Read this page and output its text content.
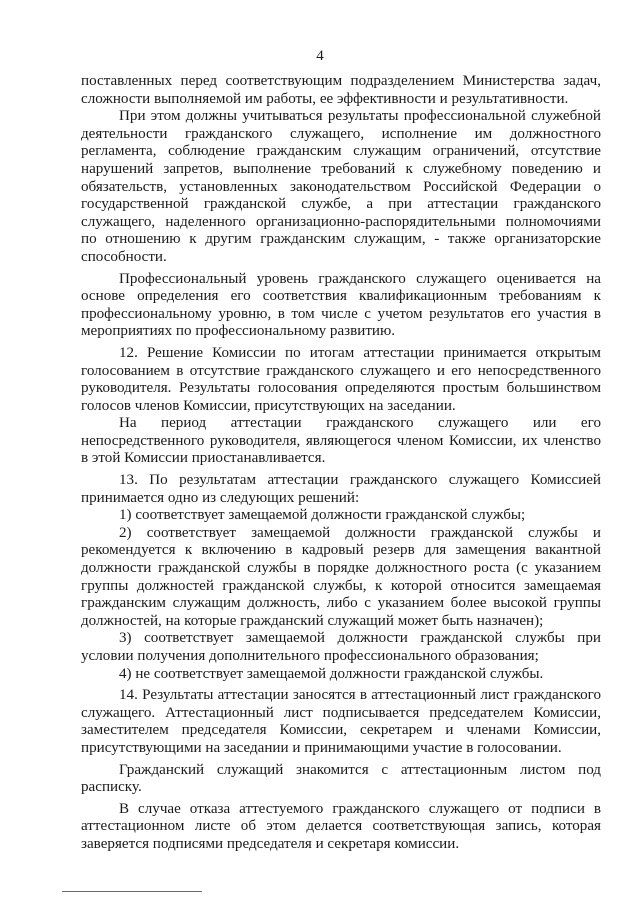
4

поставленных перед соответствующим подразделением Министерства задач, сложности выполняемой им работы, ее эффективности и результативности.

При этом должны учитываться результаты профессиональной служебной деятельности гражданского служащего, исполнение им должностного регламента, соблюдение гражданским служащим ограничений, отсутствие нарушений запретов, выполнение требований к служебному поведению и обязательств, установленных законодательством Российской Федерации о государственной гражданской службе, а при аттестации гражданского служащего, наделенного организационно-распорядительными полномочиями по отношению к другим гражданским служащим, - также организаторские способности.

Профессиональный уровень гражданского служащего оценивается на основе определения его соответствия квалификационным требованиям к профессиональному уровню, в том числе с учетом результатов его участия в мероприятиях по профессиональному развитию.

12. Решение Комиссии по итогам аттестации принимается открытым голосованием в отсутствие гражданского служащего и его непосредственного руководителя. Результаты голосования определяются простым большинством голосов членов Комиссии, присутствующих на заседании.

На период аттестации гражданского служащего или его непосредственного руководителя, являющегося членом Комиссии, их членство в этой Комиссии приостанавливается.

13. По результатам аттестации гражданского служащего Комиссией принимается одно из следующих решений:

1) соответствует замещаемой должности гражданской службы;

2) соответствует замещаемой должности гражданской службы и рекомендуется к включению в кадровый резерв для замещения вакантной должности гражданской службы в порядке должностного роста (с указанием группы должностей гражданской службы, к которой относится замещаемая гражданским служащим должность, либо с указанием более высокой группы должностей, на которые гражданский служащий может быть назначен);

3) соответствует замещаемой должности гражданской службы при условии получения дополнительного профессионального образования;

4) не соответствует замещаемой должности гражданской службы.

14. Результаты аттестации заносятся в аттестационный лист гражданского служащего. Аттестационный лист подписывается председателем Комиссии, заместителем председателя Комиссии, секретарем и членами Комиссии, присутствующими на заседании и принимающими участие в голосовании.

Гражданский служащий знакомится с аттестационным листом под расписку.

В случае отказа аттестуемого гражданского служащего от подписи в аттестационном листе об этом делается соответствующая запись, которая заверяется подписями председателя и секретаря комиссии.
